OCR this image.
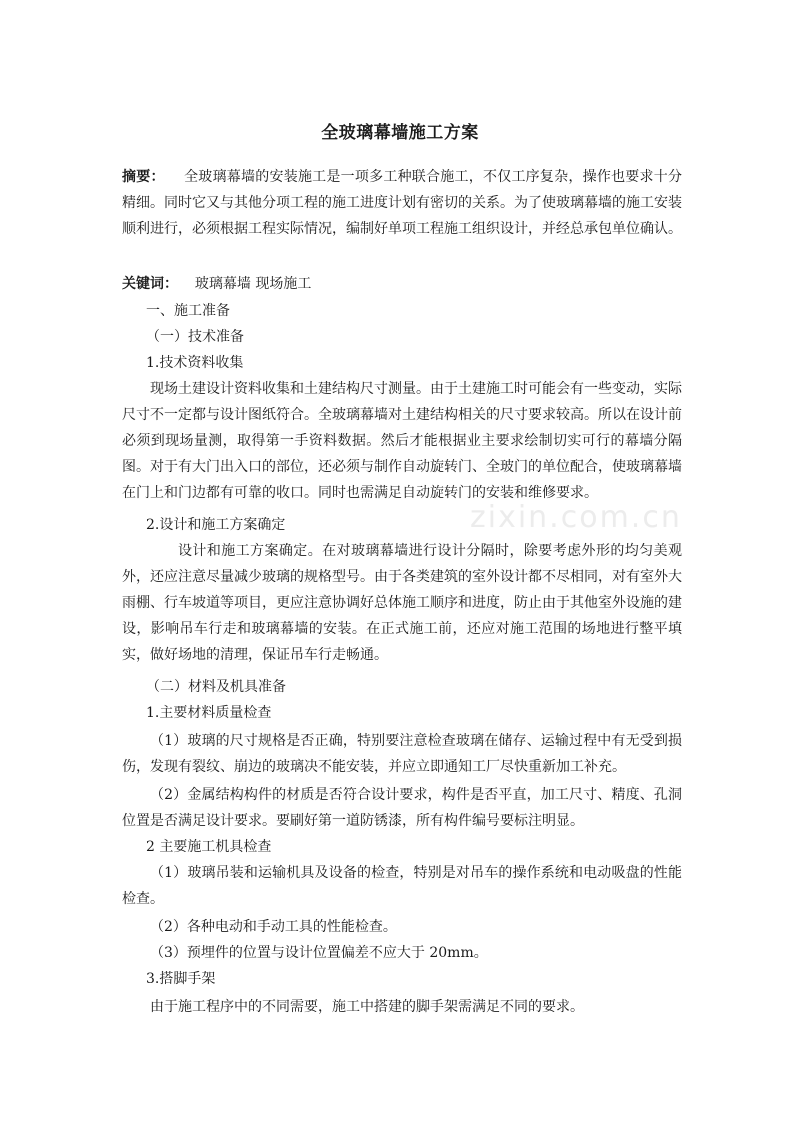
全玻璃幕墙施工方案
摘要： 全玻璃幕墙的安装施工是一项多工种联合施工，不仅工序复杂，操作也要求十分精细。同时它又与其他分项工程的施工进度计划有密切的关系。为了使玻璃幕墙的施工安装顺利进行，必须根据工程实际情况，编制好单项工程施工组织设计，并经总承包单位确认。
关键词： 玻璃幕墙 现场施工
一、施工准备
（一）技术准备
1.技术资料收集
现场土建设计资料收集和土建结构尺寸测量。由于土建施工时可能会有一些变动，实际尺寸不一定都与设计图纸符合。全玻璃幕墙对土建结构相关的尺寸要求较高。所以在设计前必须到现场量测，取得第一手资料数据。然后才能根据业主要求绘制切实可行的幕墙分隔图。对于有大门出入口的部位，还必须与制作自动旋转门、全玻门的单位配合，使玻璃幕墙在门上和门边都有可靠的收口。同时也需满足自动旋转门的安装和维修要求。
2.设计和施工方案确定
设计和施工方案确定。在对玻璃幕墙进行设计分隔时，除要考虑外形的均匀美观外，还应注意尽量减少玻璃的规格型号。由于各类建筑的室外设计都不尽相同，对有室外大雨棚、行车坡道等项目，更应注意协调好总体施工顺序和进度，防止由于其他室外设施的建设，影响吊车行走和玻璃幕墙的安装。在正式施工前，还应对施工范围的场地进行整平填实，做好场地的清理，保证吊车行走畅通。
（二）材料及机具准备
1.主要材料质量检查
（1）玻璃的尺寸规格是否正确，特别要注意检查玻璃在储存、运输过程中有无受到损伤，发现有裂纹、崩边的玻璃决不能安装，并应立即通知工厂尽快重新加工补充。
（2）金属结构构件的材质是否符合设计要求，构件是否平直，加工尺寸、精度、孔洞位置是否满足设计要求。要刷好第一道防锈漆，所有构件编号要标注明显。
2 主要施工机具检查
（1）玻璃吊装和运输机具及设备的检查，特别是对吊车的操作系统和电动吸盘的性能检查。
（2）各种电动和手动工具的性能检查。
（3）预埋件的位置与设计位置偏差不应大于 20mm。
3.搭脚手架
由于施工程序中的不同需要，施工中搭建的脚手架需满足不同的要求。
zixin.com.cn
